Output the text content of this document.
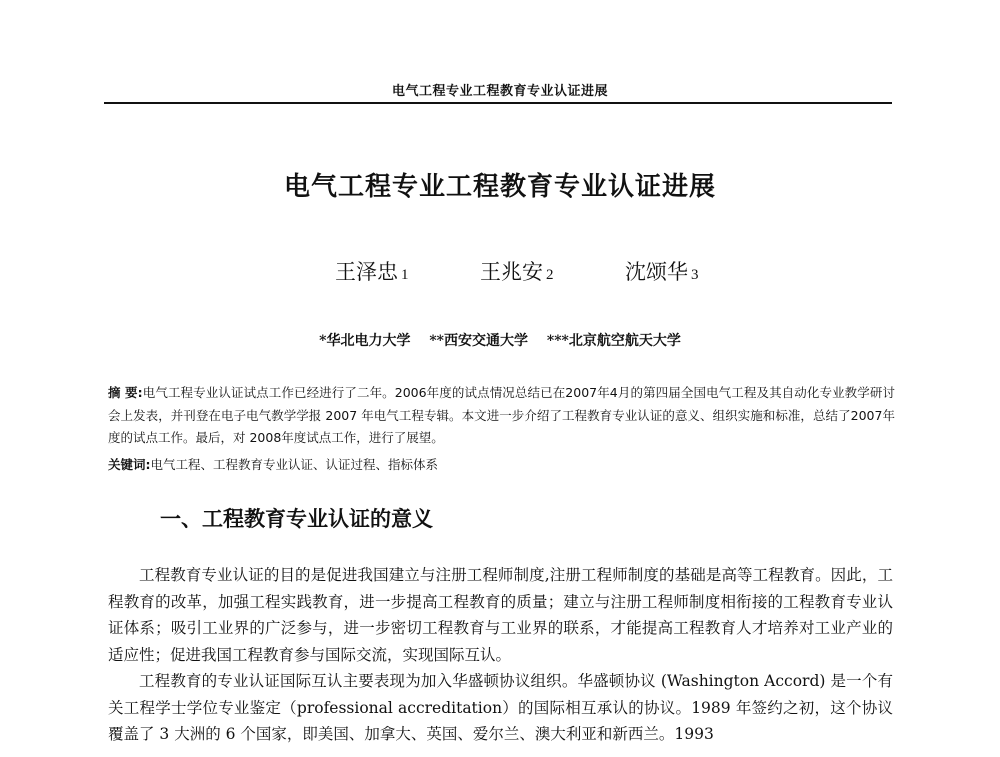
电气工程专业工程教育专业认证进展
电气工程专业工程教育专业认证进展
王泽忠 1	王兆安 2	沈颂华 3
*华北电力大学 **西安交通大学 ***北京航空航天大学
摘 要:电气工程专业认证试点工作已经进行了二年。2006年度的试点情况总结已在2007年4月的第四届全国电气工程及其自动化专业教学研讨会上发表，并刊登在电子电气教学学报 2007 年电气工程专辑。本文进一步介绍了工程教育专业认证的意义、组织实施和标准，总结了2007年度的试点工作。最后，对 2008年度试点工作，进行了展望。
关键词:电气工程、工程教育专业认证、认证过程、指标体系
一、工程教育专业认证的意义

工程教育专业认证的目的是促进我国建立与注册工程师制度,注册工程师制度的基础是高等工程教育。因此，工程教育的改革，加强工程实践教育，进一步提高工程教育的质量；建立与注册工程师制度相衔接的工程教育专业认证体系；吸引工业界的广泛参与，进一步密切工程教育与工业界的联系，才能提高工程教育人才培养对工业产业的适应性；促进我国工程教育参与国际交流，实现国际互认。

工程教育的专业认证国际互认主要表现为加入华盛顿协议组织。华盛顿协议 (Washington Accord) 是一个有关工程学士学位专业鉴定（professional accreditation）的国际相互承认的协议。1989 年签约之初，这个协议覆盖了 3 大洲的 6 个国家，即美国、加拿大、英国、爱尔兰、澳大利亚和新西兰。1993
